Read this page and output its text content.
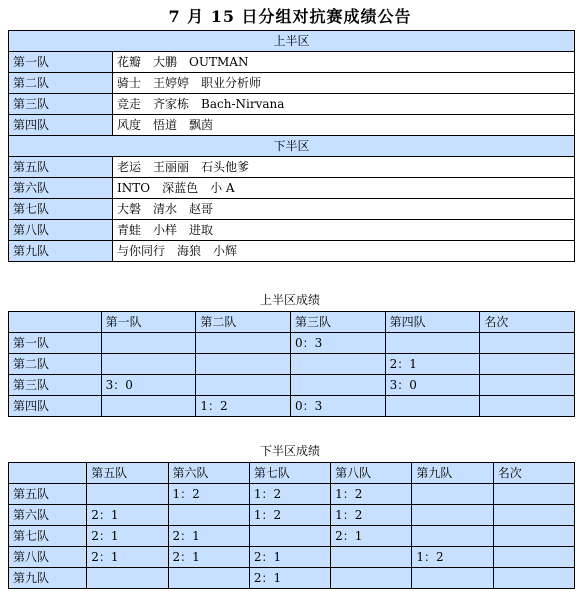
7 月 15 日分组对抗赛成绩公告
上半区	
第一队	花瓣 大鹏 OUTMAN
第二队	骑士 王婷婷 职业分析师
第三队	竞走 齐家栋 Bach-Nirvana
第四队	风度 悟道 飘茵
下半区	
第五队	老运 王丽丽 石头他爹
第六队	INTO 深蓝色 小 A
第七队	大磐 清水 赵哥
第八队	青蛙 小样 进取
第九队	与你同行 海狼 小辉
上半区成绩
	第一队	第二队	第三队	第四队	名次
第一队			0：3		
第二队				2：1	
第三队	3：0			3：0	
第四队		1：2	0：3		
下半区成绩
	第五队	第六队	第七队	第八队	第九队	名次
第五队		1：2	1：2	1：2		
第六队	2：1		1：2	1：2		
第七队	2：1	2：1		2：1		
第八队	2：1	2：1	2：1		1：2	
第九队			2：1			
